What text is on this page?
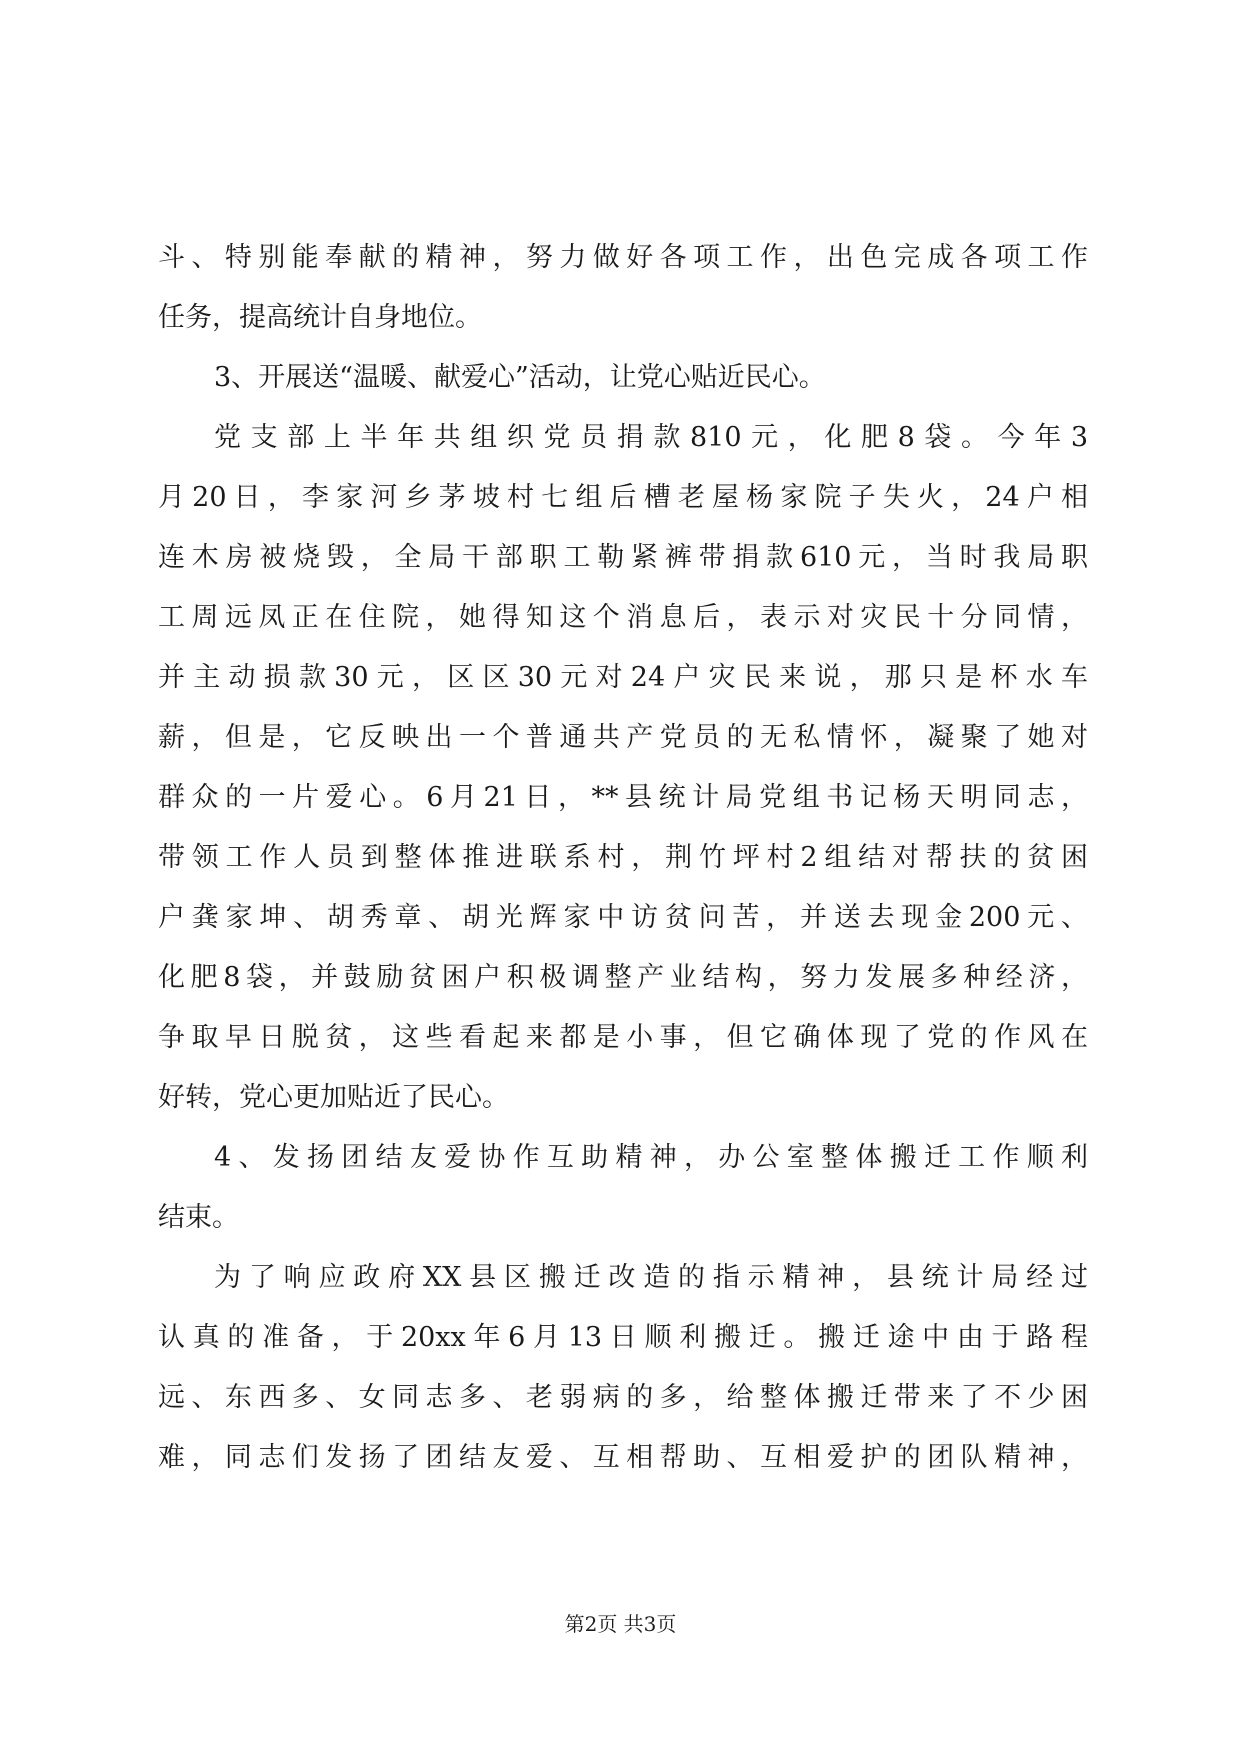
斗、特别能奉献的精神，努力做好各项工作，出色完成各项工作
任务，提高统计自身地位。
3、开展送“温暖、献爱心”活动，让党心贴近民心。
党支部上半年共组织党员捐款810元，化肥8袋。今年3
月20日，李家河乡茅坡村七组后槽老屋杨家院子失火，24户相
连木房被烧毁，全局干部职工勒紧裤带捐款610元，当时我局职
工周远凤正在住院，她得知这个消息后，表示对灾民十分同情，
并主动损款30元，区区30元对24户灾民来说，那只是杯水车
薪，但是，它反映出一个普通共产党员的无私情怀，凝聚了她对
群众的一片爱心。6月21日，**县统计局党组书记杨天明同志，
带领工作人员到整体推进联系村，荆竹坪村2组结对帮扶的贫困
户龚家坤、胡秀章、胡光辉家中访贫问苦，并送去现金200元、
化肥8袋，并鼓励贫困户积极调整产业结构，努力发展多种经济，
争取早日脱贫，这些看起来都是小事，但它确体现了党的作风在
好转，党心更加贴近了民心。
4、发扬团结友爱协作互助精神，办公室整体搬迁工作顺利
结束。
为了响应政府XX县区搬迁改造的指示精神，县统计局经过
认真的准备，于20xx年6月13日顺利搬迁。搬迁途中由于路程
远、东西多、女同志多、老弱病的多，给整体搬迁带来了不少困
难，同志们发扬了团结友爱、互相帮助、互相爱护的团队精神，
第2页 共3页
